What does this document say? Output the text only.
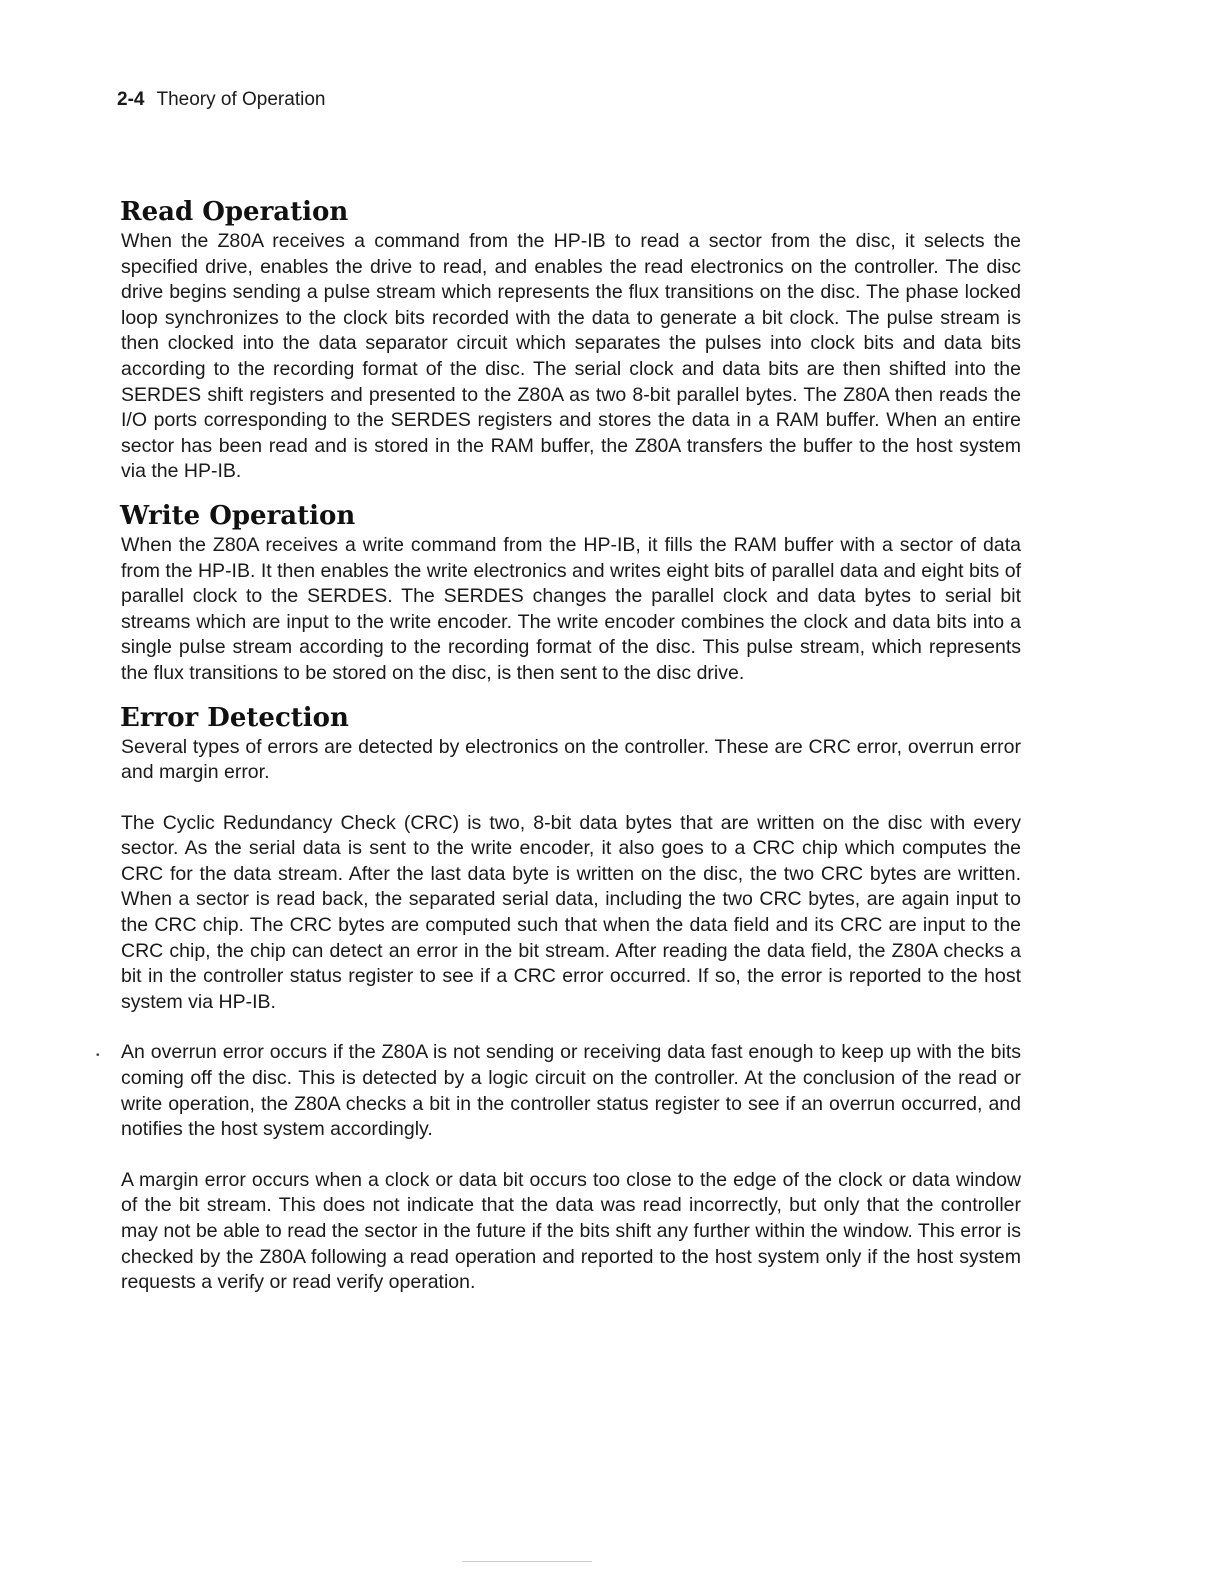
2-4 Theory of Operation
Read Operation

When the Z80A receives a command from the HP-IB to read a sector from the disc, it selects the specified drive, enables the drive to read, and enables the read electronics on the controller. The disc drive begins sending a pulse stream which represents the flux transitions on the disc. The phase locked loop synchronizes to the clock bits recorded with the data to generate a bit clock. The pulse stream is then clocked into the data separator circuit which separates the pulses into clock bits and data bits according to the recording format of the disc. The serial clock and data bits are then shifted into the SERDES shift registers and presented to the Z80A as two 8-bit parallel bytes. The Z80A then reads the I/O ports corresponding to the SERDES registers and stores the data in a RAM buffer. When an entire sector has been read and is stored in the RAM buffer, the Z80A transfers the buffer to the host system via the HP-IB.

Write Operation

When the Z80A receives a write command from the HP-IB, it fills the RAM buffer with a sector of data from the HP-IB. It then enables the write electronics and writes eight bits of parallel data and eight bits of parallel clock to the SERDES. The SERDES changes the parallel clock and data bytes to serial bit streams which are input to the write encoder. The write encoder combines the clock and data bits into a single pulse stream according to the recording format of the disc. This pulse stream, which represents the flux transitions to be stored on the disc, is then sent to the disc drive.

Error Detection

Several types of errors are detected by electronics on the controller. These are CRC error, overrun error and margin error.

The Cyclic Redundancy Check (CRC) is two, 8-bit data bytes that are written on the disc with every sector. As the serial data is sent to the write encoder, it also goes to a CRC chip which computes the CRC for the data stream. After the last data byte is written on the disc, the two CRC bytes are written. When a sector is read back, the separated serial data, including the two CRC bytes, are again input to the CRC chip. The CRC bytes are computed such that when the data field and its CRC are input to the CRC chip, the chip can detect an error in the bit stream. After reading the data field, the Z80A checks a bit in the controller status register to see if a CRC error occurred. If so, the error is reported to the host system via HP-IB.

An overrun error occurs if the Z80A is not sending or receiving data fast enough to keep up with the bits coming off the disc. This is detected by a logic circuit on the controller. At the conclusion of the read or write operation, the Z80A checks a bit in the controller status register to see if an overrun occurred, and notifies the host system accordingly.

A margin error occurs when a clock or data bit occurs too close to the edge of the clock or data window of the bit stream. This does not indicate that the data was read incorrectly, but only that the controller may not be able to read the sector in the future if the bits shift any further within the window. This error is checked by the Z80A following a read operation and reported to the host system only if the host system requests a verify or read verify operation.

•
